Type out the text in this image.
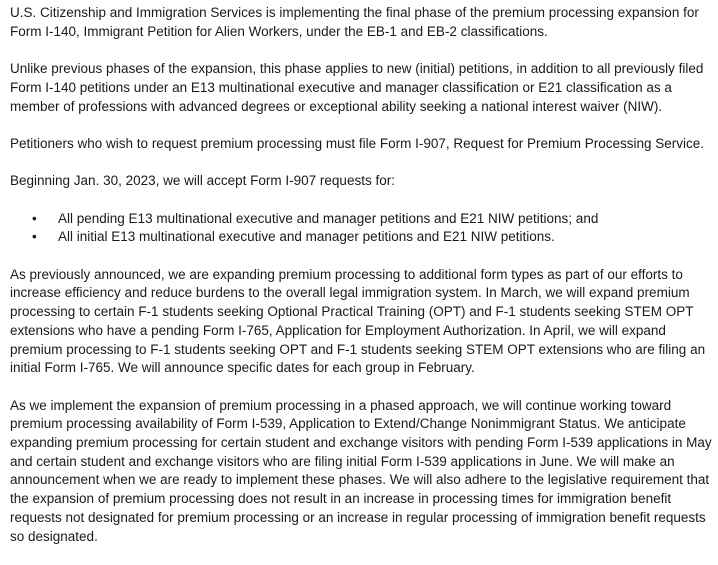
U.S. Citizenship and Immigration Services is implementing the final phase of the premium processing expansion for Form I-140, Immigrant Petition for Alien Workers, under the EB-1 and EB-2 classifications.

Unlike previous phases of the expansion, this phase applies to new (initial) petitions, in addition to all previously filed Form I-140 petitions under an E13 multinational executive and manager classification or E21 classification as a member of professions with advanced degrees or exceptional ability seeking a national interest waiver (NIW).

Petitioners who wish to request premium processing must file Form I-907, Request for Premium Processing Service.

Beginning Jan. 30, 2023, we will accept Form I-907 requests for:

• All pending E13 multinational executive and manager petitions and E21 NIW petitions; and
• All initial E13 multinational executive and manager petitions and E21 NIW petitions.

As previously announced, we are expanding premium processing to additional form types as part of our efforts to increase efficiency and reduce burdens to the overall legal immigration system. In March, we will expand premium processing to certain F-1 students seeking Optional Practical Training (OPT) and F-1 students seeking STEM OPT extensions who have a pending Form I-765, Application for Employment Authorization. In April, we will expand premium processing to F-1 students seeking OPT and F-1 students seeking STEM OPT extensions who are filing an initial Form I-765. We will announce specific dates for each group in February.

As we implement the expansion of premium processing in a phased approach, we will continue working toward premium processing availability of Form I-539, Application to Extend/Change Nonimmigrant Status. We anticipate expanding premium processing for certain student and exchange visitors with pending Form I-539 applications in May and certain student and exchange visitors who are filing initial Form I-539 applications in June. We will make an announcement when we are ready to implement these phases. We will also adhere to the legislative requirement that the expansion of premium processing does not result in an increase in processing times for immigration benefit requests not designated for premium processing or an increase in regular processing of immigration benefit requests so designated.
